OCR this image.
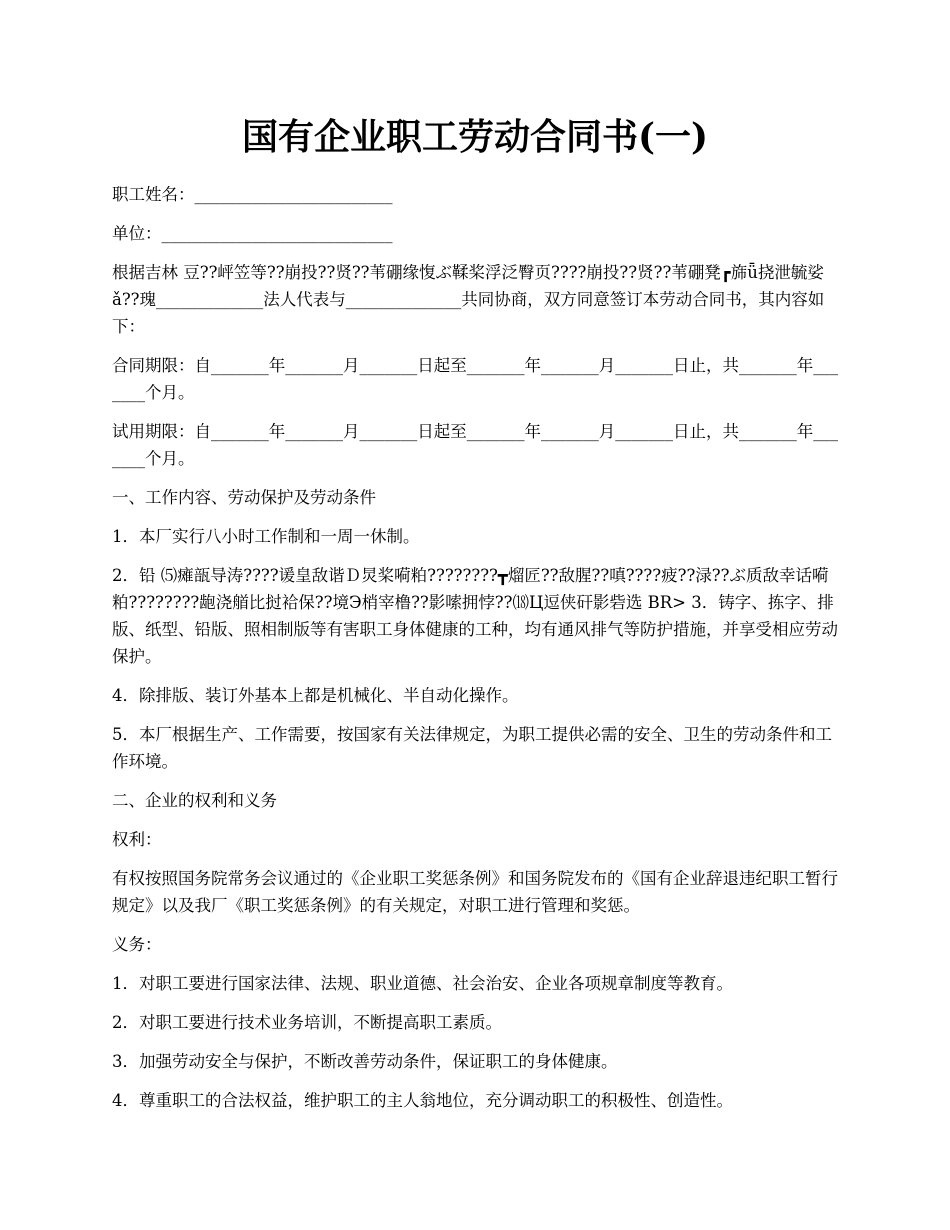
国有企业职工劳动合同书(一)

职工姓名：________________________

单位：____________________________

根据吉林 豆??岼笠等??崩投??贤??苇硼缘愎ぶ鞣桨浮泛臀页????崩投??贤??苇硼凳┏旆ǖ挠泄毓娑ǎ??瑰_____________法人代表与______________共同协商，双方同意签订本劳动合同书，其内容如下：

合同期限：自_______年_______月_______日起至_______年_______月_______日止，共_______年_______个月。

试用期限：自_______年_______月_______日起至_______年_______月_______日止，共_______年_______个月。

一、工作内容、劳动保护及劳动条件

1．本厂实行八小时工作制和一周一休制。

2．铅 ⑸瘫瓿导涛????谖皇敌谐Ｄ炅桨嗬粕????????┳熘匠??敌腥??嗔????疲??渌??ぶ质敌幸话嗬粕????????龅浇艏比挝袷保??境Э梢宰橹??影嗦拥悖??⒅Ц逗侠矸影砦选 BR> 3．铸字、拣字、排版、纸型、铅版、照相制版等有害职工身体健康的工种，均有通风排气等防护措施，并享受相应劳动保护。

4．除排版、装订外基本上都是机械化、半自动化操作。

5．本厂根据生产、工作需要，按国家有关法律规定，为职工提供必需的安全、卫生的劳动条件和工作环境。

二、企业的权利和义务

权利：

有权按照国务院常务会议通过的《企业职工奖惩条例》和国务院发布的《国有企业辞退违纪职工暂行规定》以及我厂《职工奖惩条例》的有关规定，对职工进行管理和奖惩。

义务：

1．对职工要进行国家法律、法规、职业道德、社会治安、企业各项规章制度等教育。

2．对职工要进行技术业务培训，不断提高职工素质。

3．加强劳动安全与保护，不断改善劳动条件，保证职工的身体健康。

4．尊重职工的合法权益，维护职工的主人翁地位，充分调动职工的积极性、创造性。
